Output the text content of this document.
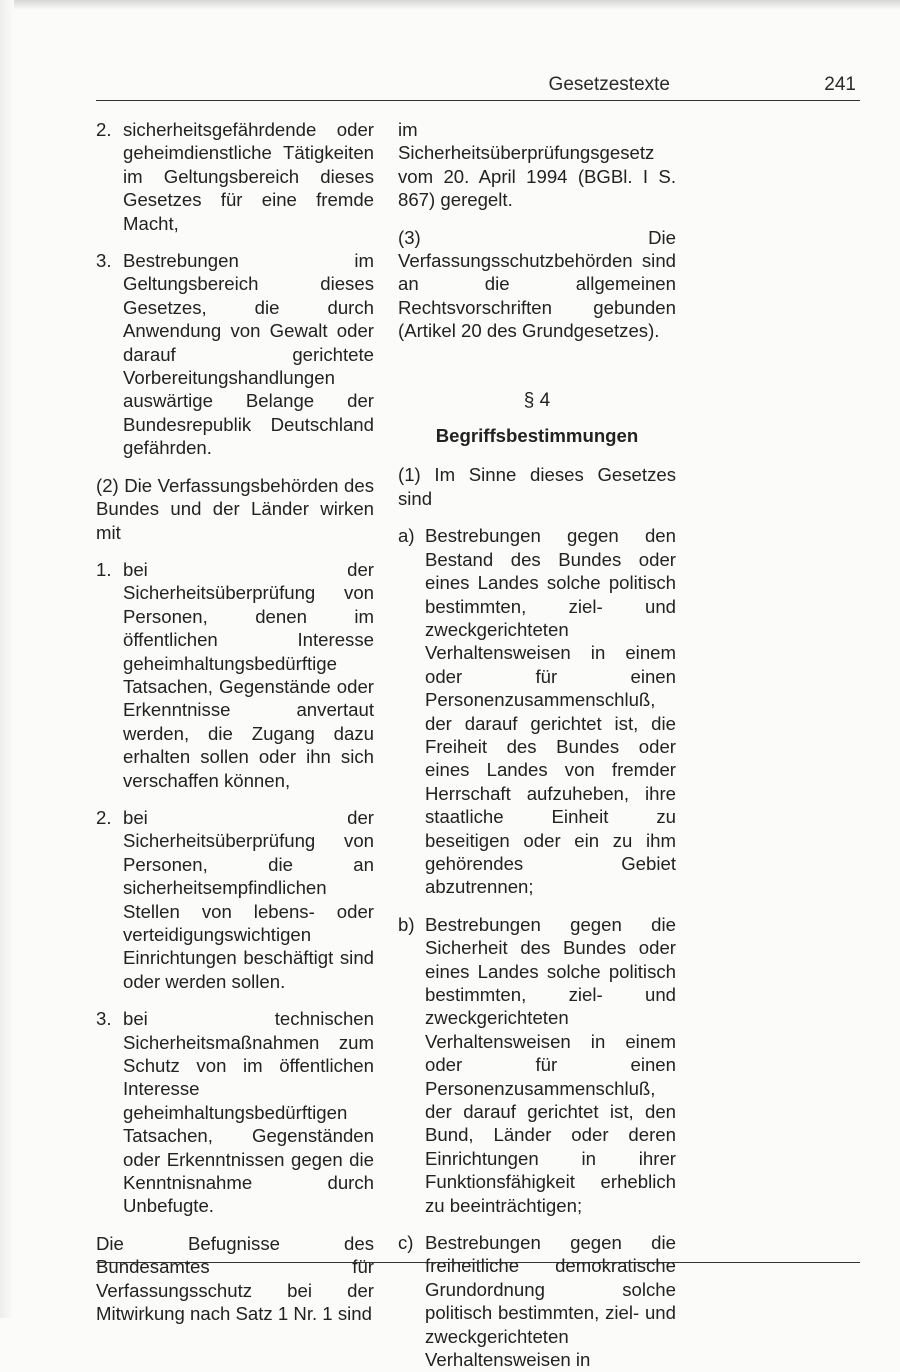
Gesetzestexte	241
2. sicherheitsgefährdende oder geheimdienstliche Tätigkeiten im Geltungsbereich dieses Gesetzes für eine fremde Macht,

3. Bestrebungen im Geltungsbereich dieses Gesetzes, die durch Anwendung von Gewalt oder darauf gerichtete Vorbereitungshandlungen auswärtige Belange der Bundesrepublik Deutschland gefährden.

(2) Die Verfassungsbehörden des Bundes und der Länder wirken mit

1. bei der Sicherheitsüberprüfung von Personen, denen im öffentlichen Interesse geheimhaltungsbedürftige Tatsachen, Gegenstände oder Erkenntnisse anvertaut werden, die Zugang dazu erhalten sollen oder ihn sich verschaffen können,

2. bei der Sicherheitsüberprüfung von Personen, die an sicherheitsempfindlichen Stellen von lebens- oder verteidigungswichtigen Einrichtungen beschäftigt sind oder werden sollen.

3. bei technischen Sicherheitsmaßnahmen zum Schutz von im öffentlichen Interesse geheimhaltungsbedürftigen Tatsachen, Gegenständen oder Erkenntnissen gegen die Kenntnisnahme durch Unbefugte.

Die Befugnisse des Bundesamtes für Verfassungsschutz bei der Mitwirkung nach Satz 1 Nr. 1 sind

im Sicherheitsüberprüfungsgesetz vom 20. April 1994 (BGBl. I S. 867) geregelt.

(3) Die Verfassungsschutzbehörden sind an die allgemeinen Rechtsvorschriften gebunden (Artikel 20 des Grundgesetzes).

§ 4
Begriffsbestimmungen

(1) Im Sinne dieses Gesetzes sind

a) Bestrebungen gegen den Bestand des Bundes oder eines Landes solche politisch bestimmten, ziel- und zweckgerichteten Verhaltensweisen in einem oder für einen Personenzusammenschluß, der darauf gerichtet ist, die Freiheit des Bundes oder eines Landes von fremder Herrschaft aufzuheben, ihre staatliche Einheit zu beseitigen oder ein zu ihm gehörendes Gebiet abzutrennen;

b) Bestrebungen gegen die Sicherheit des Bundes oder eines Landes solche politisch bestimmten, ziel- und zweckgerichteten Verhaltensweisen in einem oder für einen Personenzusammenschluß, der darauf gerichtet ist, den Bund, Länder oder deren Einrichtungen in ihrer Funktionsfähigkeit erheblich zu beeinträchtigen;

c) Bestrebungen gegen die freiheitliche demokratische Grundordnung solche politisch bestimmten, ziel- und zweckgerichteten Verhaltensweisen in
